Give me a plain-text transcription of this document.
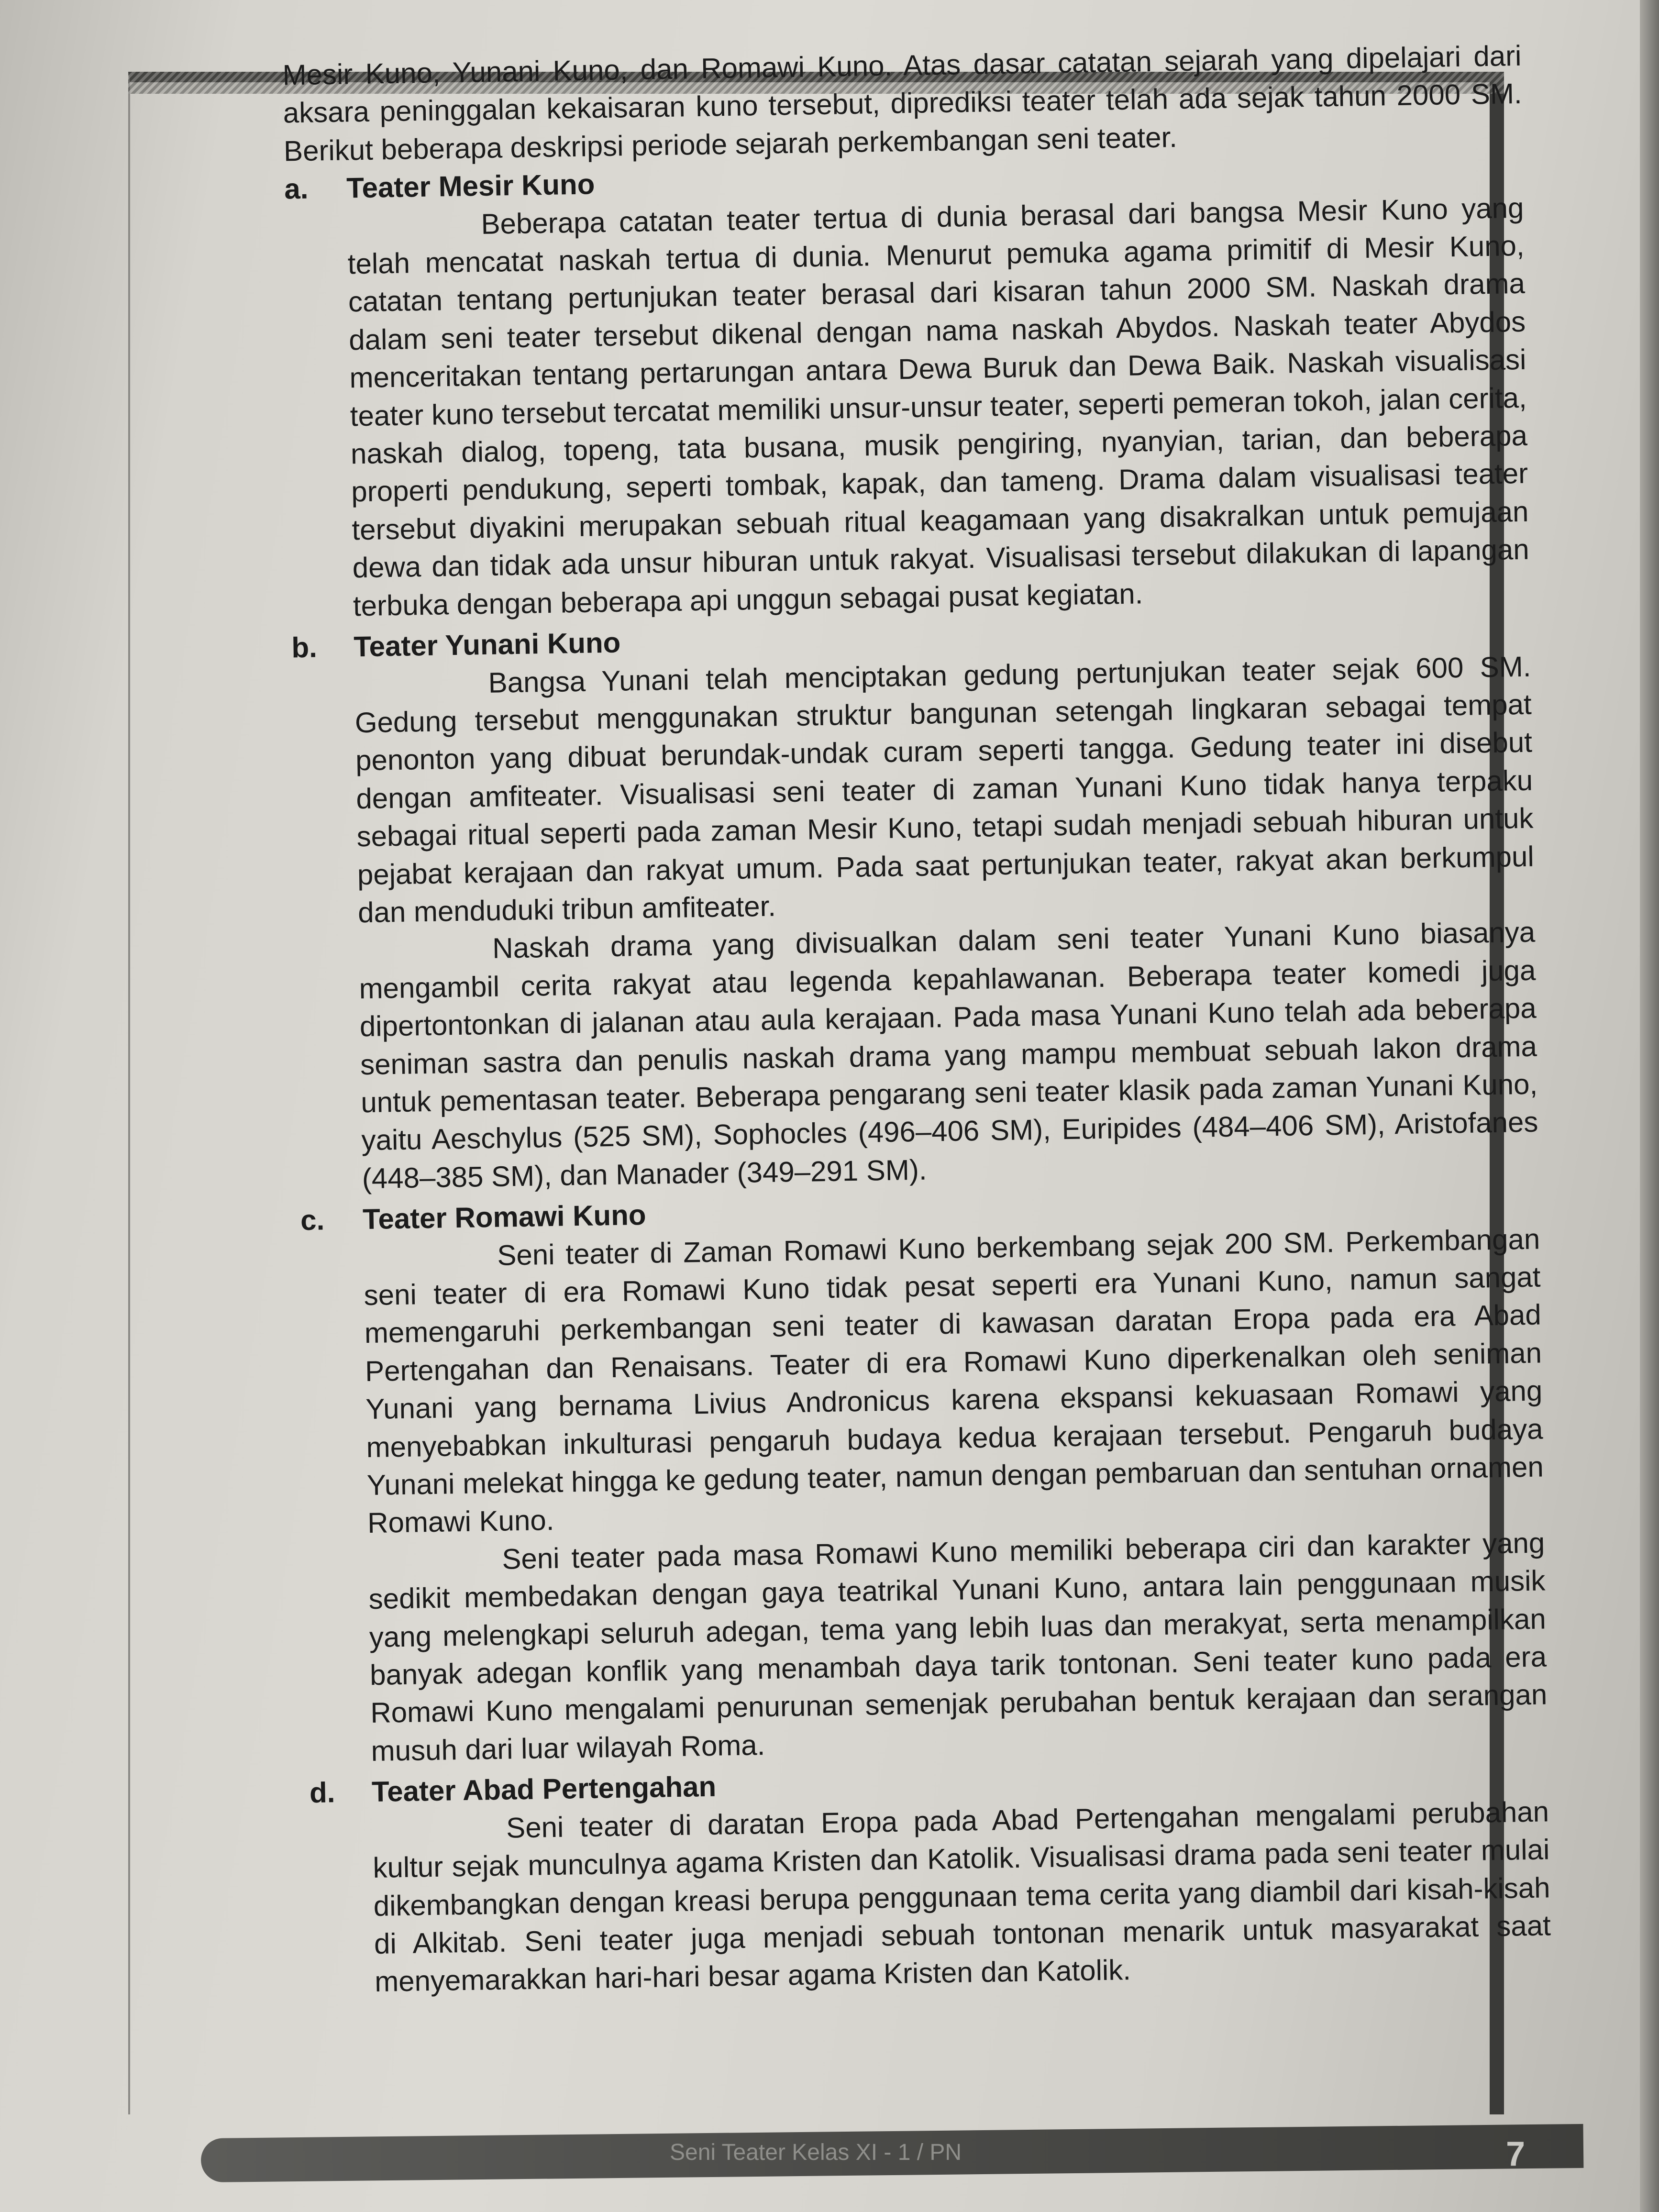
Mesir Kuno, Yunani Kuno, dan Romawi Kuno. Atas dasar catatan sejarah yang dipelajari dari aksara peninggalan kekaisaran kuno tersebut, diprediksi teater telah ada sejak tahun 2000 SM. Berikut beberapa deskripsi periode sejarah perkembangan seni teater.

a.	Teater Mesir Kuno

Beberapa catatan teater tertua di dunia berasal dari bangsa Mesir Kuno yang telah mencatat naskah tertua di dunia. Menurut pemuka agama primitif di Mesir Kuno, catatan tentang pertunjukan teater berasal dari kisaran tahun 2000 SM. Naskah drama dalam seni teater tersebut dikenal dengan nama naskah Abydos. Naskah teater Abydos menceritakan tentang pertarungan antara Dewa Buruk dan Dewa Baik. Naskah visualisasi teater kuno tersebut tercatat memiliki unsur-unsur teater, seperti pemeran tokoh, jalan cerita, naskah dialog, topeng, tata busana, musik pengiring, nyanyian, tarian, dan beberapa properti pendukung, seperti tombak, kapak, dan tameng. Drama dalam visualisasi teater tersebut diyakini merupakan sebuah ritual keagamaan yang disakralkan untuk pemujaan dewa dan tidak ada unsur hiburan untuk rakyat. Visualisasi tersebut dilakukan di lapangan terbuka dengan beberapa api unggun sebagai pusat kegiatan.

b.	Teater Yunani Kuno

Bangsa Yunani telah menciptakan gedung pertunjukan teater sejak 600 SM. Gedung tersebut menggunakan struktur bangunan setengah lingkaran sebagai tempat penonton yang dibuat berundak-undak curam seperti tangga. Gedung teater ini disebut dengan amfiteater. Visualisasi seni teater di zaman Yunani Kuno tidak hanya terpaku sebagai ritual seperti pada zaman Mesir Kuno, tetapi sudah menjadi sebuah hiburan untuk pejabat kerajaan dan rakyat umum. Pada saat pertunjukan teater, rakyat akan berkumpul dan menduduki tribun amfiteater.

Naskah drama yang divisualkan dalam seni teater Yunani Kuno biasanya mengambil cerita rakyat atau legenda kepahlawanan. Beberapa teater komedi juga dipertontonkan di jalanan atau aula kerajaan. Pada masa Yunani Kuno telah ada beberapa seniman sastra dan penulis naskah drama yang mampu membuat sebuah lakon drama untuk pementasan teater. Beberapa pengarang seni teater klasik pada zaman Yunani Kuno, yaitu Aeschylus (525 SM), Sophocles (496–406 SM), Euripides (484–406 SM), Aristofanes (448–385 SM), dan Manader (349–291 SM).

c.	Teater Romawi Kuno

Seni teater di Zaman Romawi Kuno berkembang sejak 200 SM. Perkembangan seni teater di era Romawi Kuno tidak pesat seperti era Yunani Kuno, namun sangat memengaruhi perkembangan seni teater di kawasan daratan Eropa pada era Abad Pertengahan dan Renaisans. Teater di era Romawi Kuno diperkenalkan oleh seniman Yunani yang bernama Livius Andronicus karena ekspansi kekuasaan Romawi yang menyebabkan inkulturasi pengaruh budaya kedua kerajaan tersebut. Pengaruh budaya Yunani melekat hingga ke gedung teater, namun dengan pembaruan dan sentuhan ornamen Romawi Kuno.

Seni teater pada masa Romawi Kuno memiliki beberapa ciri dan karakter yang sedikit membedakan dengan gaya teatrikal Yunani Kuno, antara lain penggunaan musik yang melengkapi seluruh adegan, tema yang lebih luas dan merakyat, serta menampilkan banyak adegan konflik yang menambah daya tarik tontonan. Seni teater kuno pada era Romawi Kuno mengalami penurunan semenjak perubahan bentuk kerajaan dan serangan musuh dari luar wilayah Roma.

d.	Teater Abad Pertengahan

Seni teater di daratan Eropa pada Abad Pertengahan mengalami perubahan kultur sejak munculnya agama Kristen dan Katolik. Visualisasi drama pada seni teater mulai dikembangkan dengan kreasi berupa penggunaan tema cerita yang diambil dari kisah-kisah di Alkitab. Seni teater juga menjadi sebuah tontonan menarik untuk masyarakat saat menyemarakkan hari-hari besar agama Kristen dan Katolik.

Seni Teater Kelas XI - 1 / PN	7
